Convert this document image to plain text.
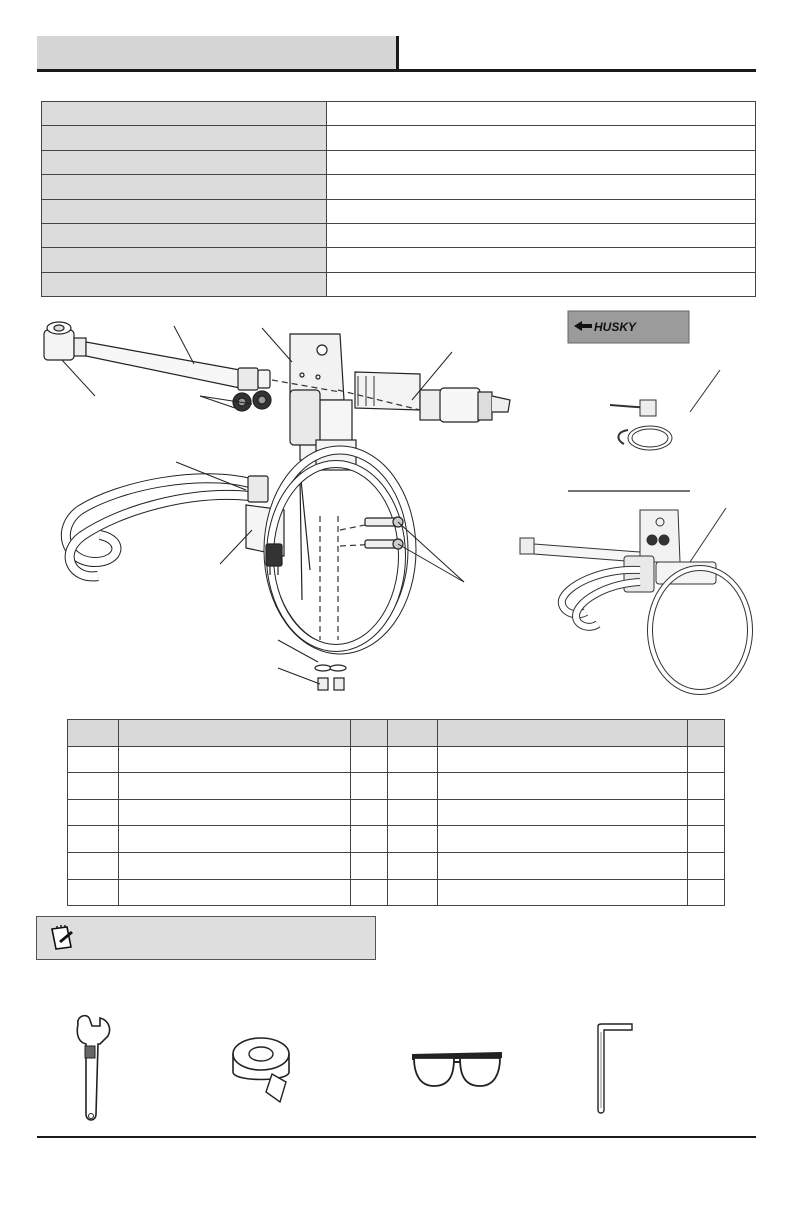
HUSKY
